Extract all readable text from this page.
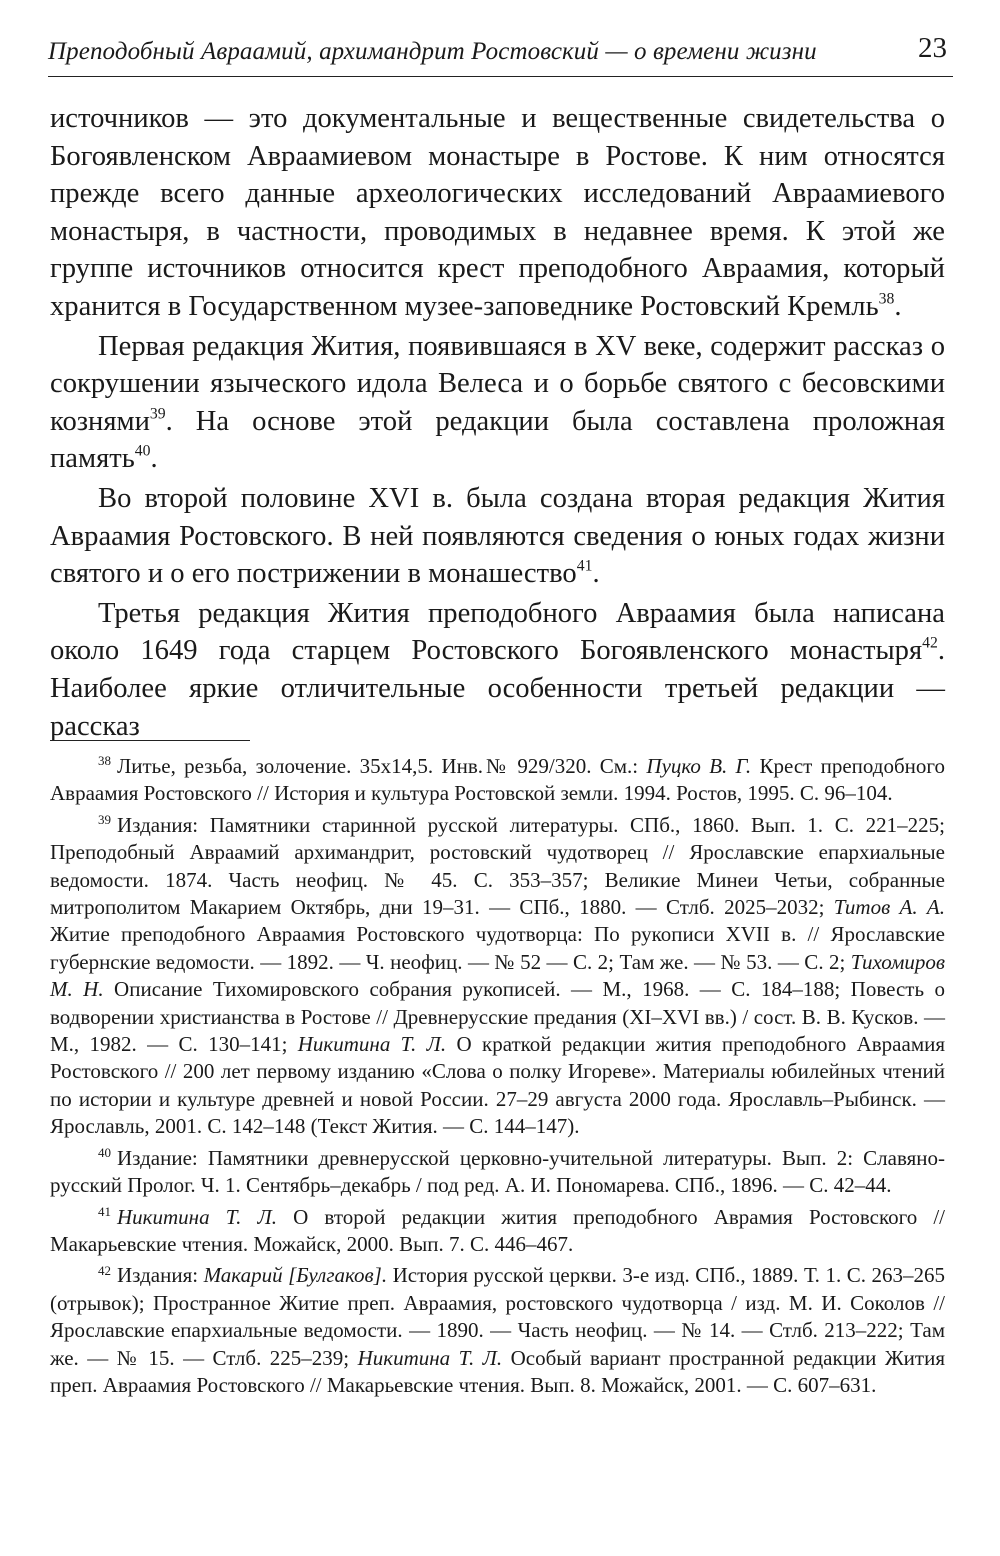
Преподобный Авраамий, архимандрит Ростовский — о времени жизни	23

источников — это документальные и вещественные свидетельства о Богоявленском Авраамиевом монастыре в Ростове. К ним относятся прежде всего данные археологических исследований Авраамиевого монастыря, в частности, проводимых в недавнее время. К этой же группе источников относится крест преподобного Авраамия, который хранится в Государственном музее-заповеднике Ростовский Кремль$^{38}$.

Первая редакция Жития, появившаяся в XV веке, содержит рассказ о сокрушении языческого идола Велеса и о борьбе святого с бесовскими кознями$^{39}$. На основе этой редакции была составлена проложная память$^{40}$.

Во второй половине XVI в. была создана вторая редакция Жития Авраамия Ростовского. В ней появляются сведения о юных годах жизни святого и о его пострижении в монашество$^{41}$.

Третья редакция Жития преподобного Авраамия была написана около 1649 года старцем Ростовского Богоявленского монастыря$^{42}$. Наиболее яркие отличительные особенности третьей редакции — рассказ

$^{38}$ Литье, резьба, золочение. 35х14,5. Инв.№ 929/320. См.: Пуцко В. Г. Крест преподобного Авраамия Ростовского // История и культура Ростовской земли. 1994. Ростов, 1995. С. 96–104.

$^{39}$ Издания: Памятники старинной русской литературы. СПб., 1860. Вып. 1. С. 221–225; Преподобный Авраамий архимандрит, ростовский чудотворец // Ярославские епархиальные ведомости. 1874. Часть неофиц. № 45. С. 353–357; Великие Минеи Четьи, собранные митрополитом Макарием Октябрь, дни 19–31. — СПб., 1880. — Стлб. 2025–2032; Титов А. А. Житие преподобного Авраамия Ростовского чудотворца: По рукописи XVII в. // Ярославские губернские ведомости. — 1892. — Ч. неофиц. — № 52 — С. 2; Там же. — № 53. — С. 2; Тихомиров М. Н. Описание Тихомировского собрания рукописей. — М., 1968. — С. 184–188; Повесть о водворении христианства в Ростове // Древнерусские предания (XI–XVI вв.) / сост. В. В. Кусков. — М., 1982. — С. 130–141; Никитина Т. Л. О краткой редакции жития преподобного Авраамия Ростовского // 200 лет первому изданию «Слова о полку Игореве». Материалы юбилейных чтений по истории и культуре древней и новой России. 27–29 августа 2000 года. Ярославль–Рыбинск. — Ярославль, 2001. С. 142–148 (Текст Жития. — С. 144–147).

$^{40}$ Издание: Памятники древнерусской церковно-учительной литературы. Вып. 2: Славяно-русский Пролог. Ч. 1. Сентябрь–декабрь / под ред. А. И. Пономарева. СПб., 1896. — С. 42–44.

$^{41}$ Никитина Т. Л. О второй редакции жития преподобного Аврамия Ростовского // Макарьевские чтения. Можайск, 2000. Вып. 7. С. 446–467.

$^{42}$ Издания: Макарий [Булгаков]. История русской церкви. 3-е изд. СПб., 1889. Т. 1. С. 263–265 (отрывок); Пространное Житие преп. Авраамия, ростовского чудотворца / изд. М. И. Соколов // Ярославские епархиальные ведомости. — 1890. — Часть неофиц. — № 14. — Стлб. 213–222; Там же. — № 15. — Стлб. 225–239; Никитина Т. Л. Особый вариант пространной редакции Жития преп. Авраамия Ростовского // Макарьевские чтения. Вып. 8. Можайск, 2001. — С. 607–631.
